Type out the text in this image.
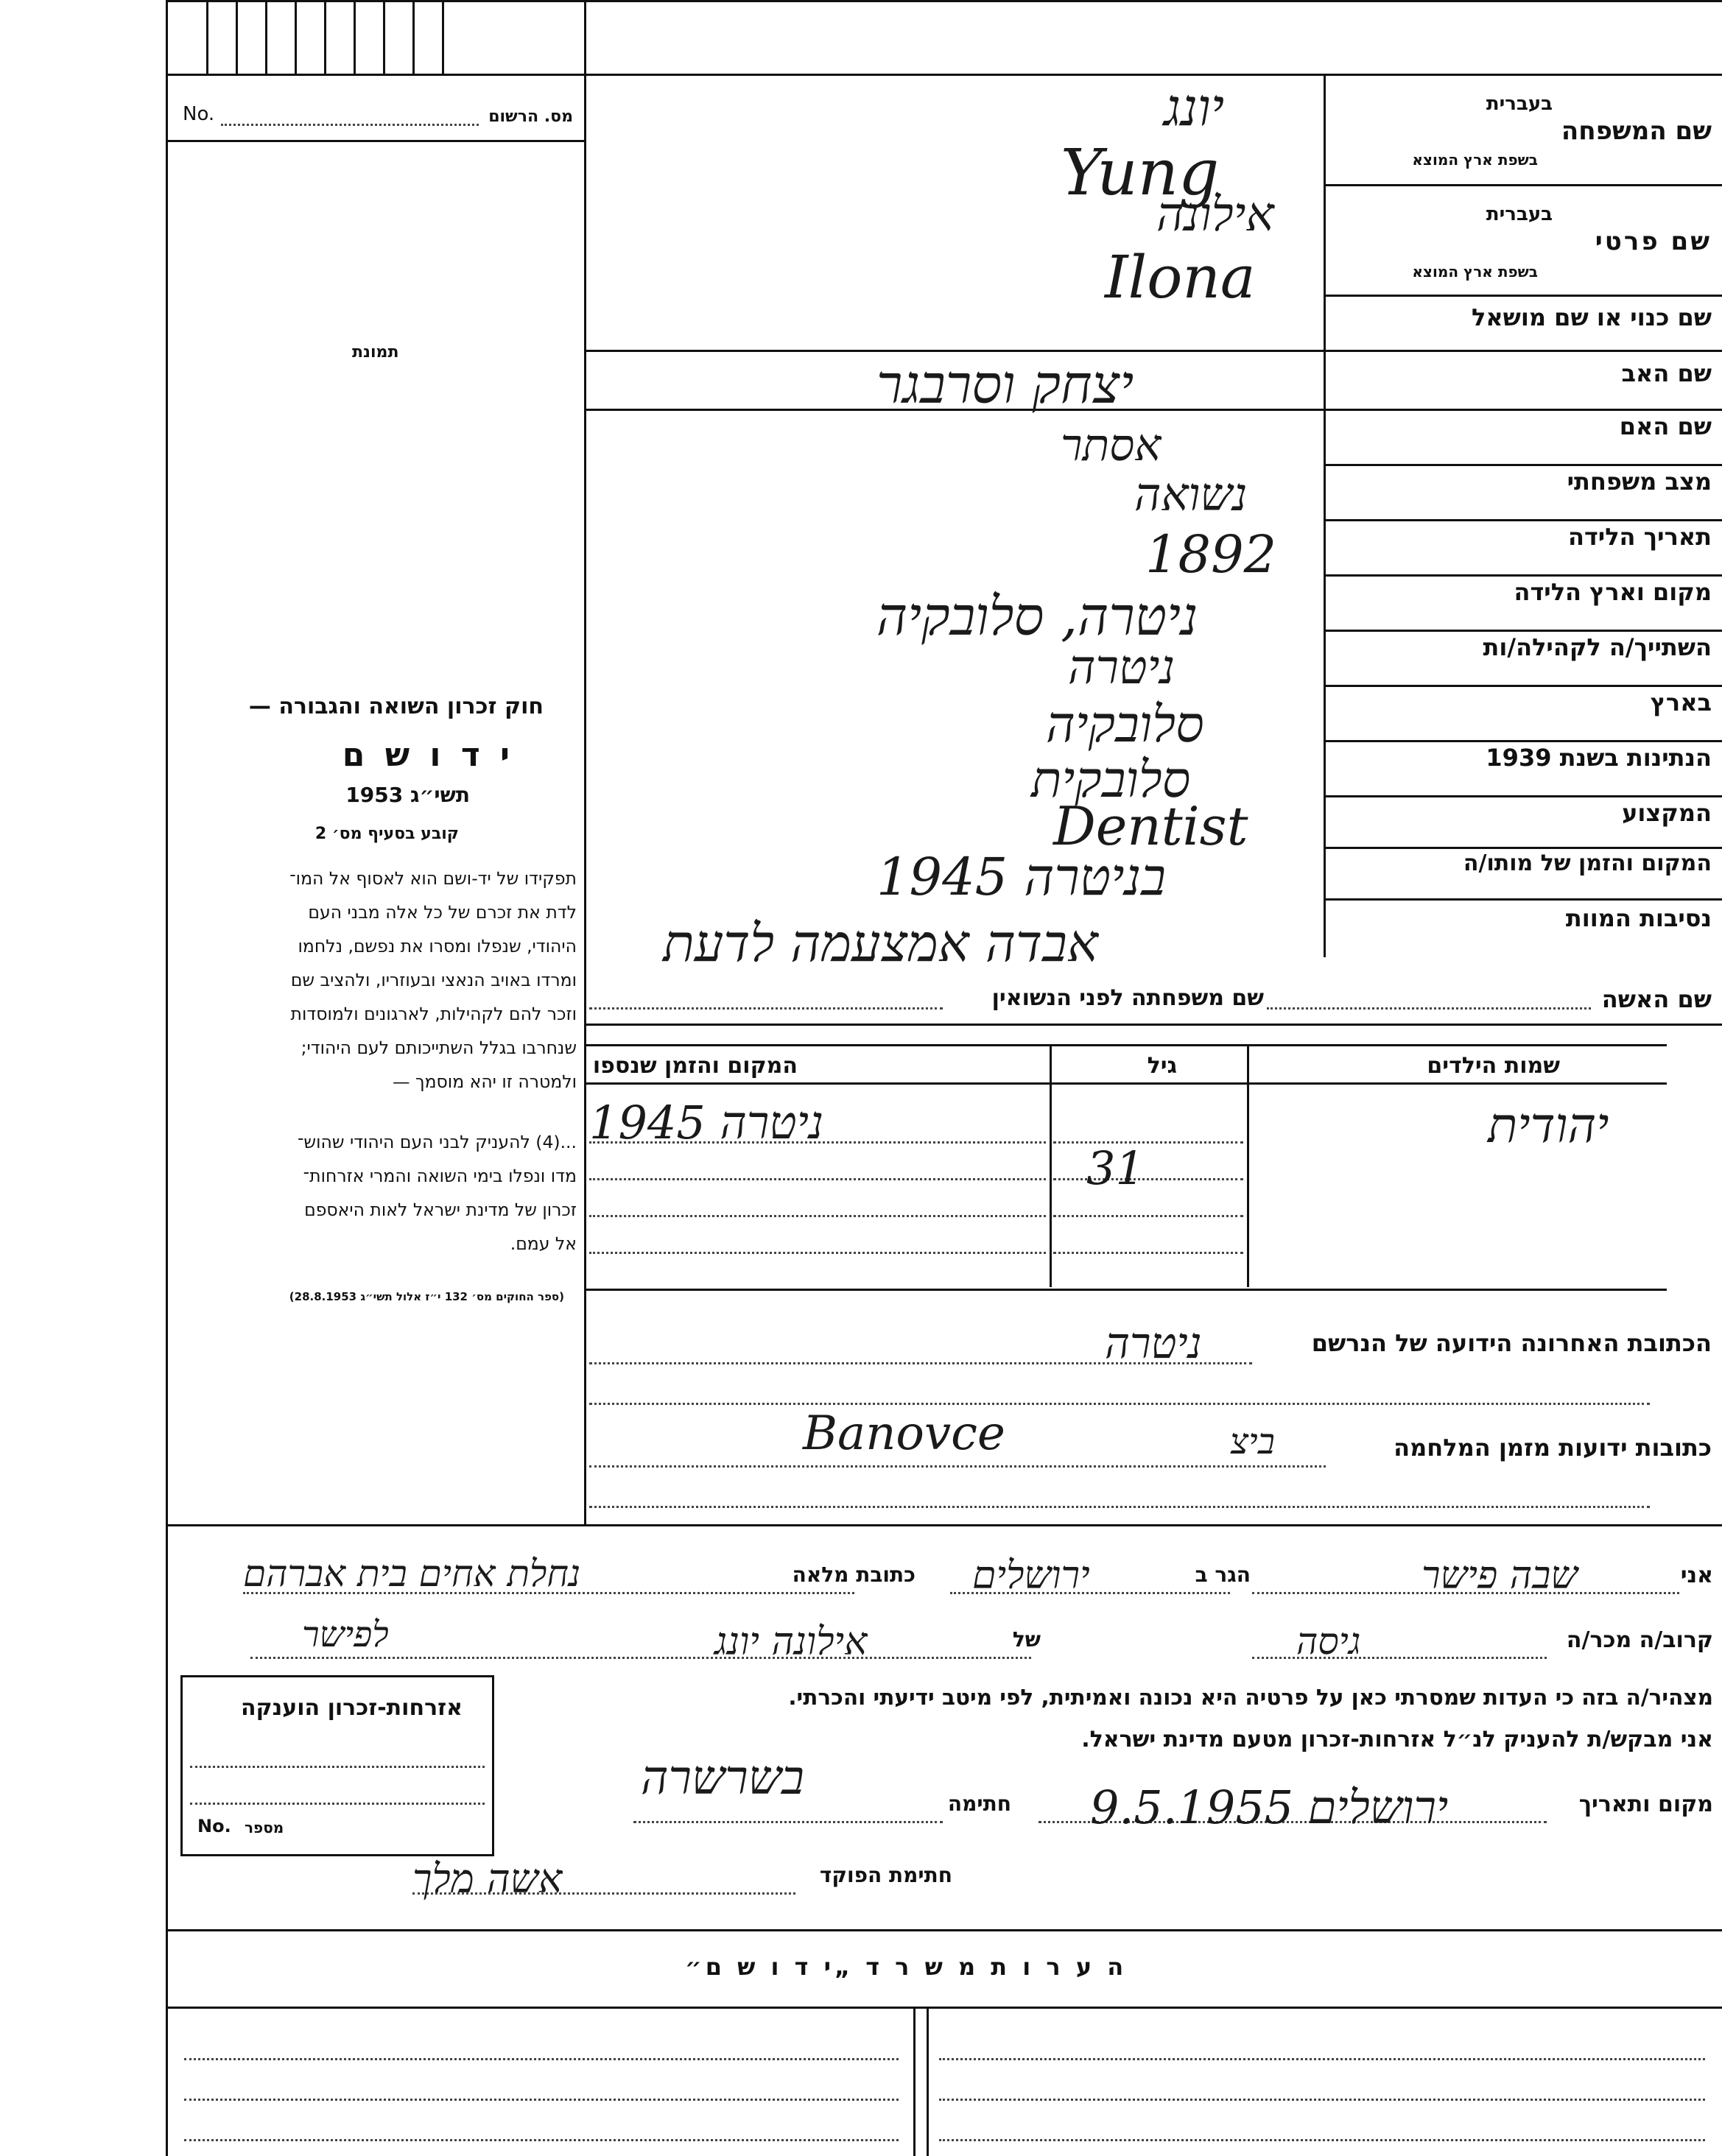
No.	מס. הרשום
תמונת
חוק זכרון השואה והגבורה —
י ד ו ש ם
תשי״ג 1953
קובע בסעיף מס׳ 2
תפקידו של יד-ושם הוא לאסוף אל המו־
לדת את זכרם של כל אלה מבני העם
היהודי, שנפלו ומסרו את נפשם, נלחמו
ומרדו באויב הנאצי ובעוזריו, ולהציב שם
וזכר להם לקהילות, לארגונים ולמוסדות
שנחרבו בגלל השתייכותם לעם היהודי;
ולמטרה זו יהא מוסמך —
...(4) להעניק לבני העם היהודי שהוש־
מדו ונפלו בימי השואה והמרי אזרחות־
זכרון של מדינת ישראל לאות היאספם
אל עמם.
(ספר החוקים מס׳ 132 י״ז אלול תשי״ג 28.8.1953)
בעברית
שם המשפחה
בשפת ארץ המוצא
בעברית
שם פרטי
בשפת ארץ המוצא
שם כנוי או שם מושאל
שם האב
שם האם
מצב משפחתי
תאריך הלידה
מקום וארץ הלידה
השתייך/ה לקהילה/ות
בארץ
הנתינות בשנת 1939
המקצוע
המקום והזמן של מותו/ה
נסיבות המוות
שם האשה
שם משפחתה לפני הנשואין
שמות הילדים
גיל
המקום והזמן שנספו
הכתובת האחרונה הידועה של הנרשם
כתובות ידועות מזמן המלחמה
אני
הגר ב
כתובת מלאה
קרוב/ה מכר/ה
של
מצהיר/ה בזה כי העדות שמסרתי כאן על פרטיה היא נכונה ואמיתית, לפי מיטב ידיעתי והכרתי.
אני מבקש/ת להעניק לנ״ל אזרחות-זכרון מטעם מדינת ישראל.
מקום ותאריך
חתימה
חתימת הפוקד
אזרחות-זכרון הוענקה
No. מספר
ה ע ר ו ת מ ש ר ד „י ד ו ש ם״
יונג
Yung
אילונה
Ilona
יצחק וסרבגר
אסתר
נשואה
1892
ניטרה, סלובקיה
ניטרה
סלובקיה
סלובקית
Dentist
1945 בניטרה
אבדה אמצעמה לדעת
יהודית
31
1945 ניטרה
ניטרה
Banovce	ביצ
שבה פישר
ירושלים
נחלת אחים בית אברהם
גיסה
אילונה יונג
לפישר
ירושלים 9.5.1955
בשרשרה
אשה מלך
